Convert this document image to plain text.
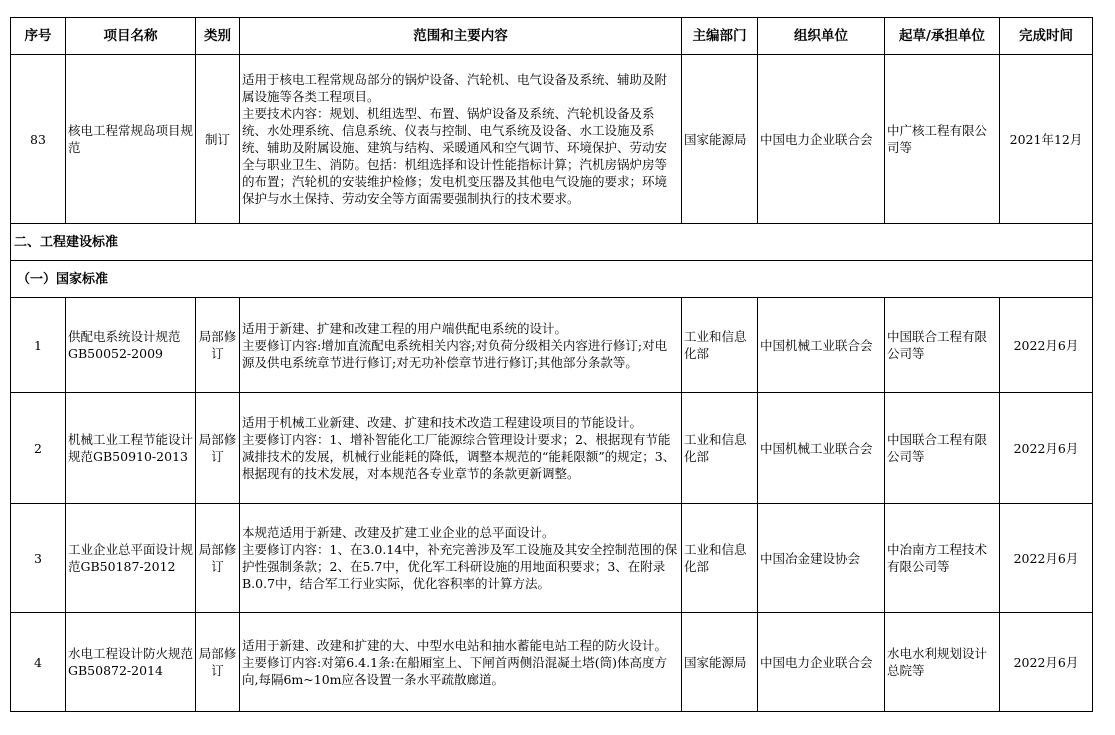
序号	项目名称	类别	范围和主要内容	主编部门	组织单位	起草/承担单位	完成时间
83	核电工程常规岛项目规范	制订	适用于核电工程常规岛部分的锅炉设备、汽轮机、电气设备及系统、辅助及附属设施等各类工程项目。
主要技术内容：规划、机组选型、布置、锅炉设备及系统、汽轮机设备及系统、水处理系统、信息系统、仪表与控制、电气系统及设备、水工设施及系统、辅助及附属设施、建筑与结构、采暖通风和空气调节、环境保护、劳动安全与职业卫生、消防。包括：机组选择和设计性能指标计算；汽机房锅炉房等的布置；汽轮机的安装维护检修；发电机变压器及其他电气设施的要求；环境保护与水土保持、劳动安全等方面需要强制执行的技术要求。	国家能源局	中国电力企业联合会	中广核工程有限公司等	2021年12月
二、工程建设标准							
（一）国家标准							
1	供配电系统设计规范GB50052-2009	局部修订	适用于新建、扩建和改建工程的用户端供配电系统的设计。
主要修订内容:增加直流配电系统相关内容;对负荷分级相关内容进行修订;对电源及供电系统章节进行修订;对无功补偿章节进行修订;其他部分条款等。	工业和信息化部	中国机械工业联合会	中国联合工程有限公司等	2022月6月
2	机械工业工程节能设计规范GB50910-2013	局部修订	适用于机械工业新建、改建、扩建和技术改造工程建设项目的节能设计。
主要修订内容：1、增补智能化工厂能源综合管理设计要求；2、根据现有节能减排技术的发展，机械行业能耗的降低，调整本规范的“能耗限额”的规定；3、根据现有的技术发展，对本规范各专业章节的条款更新调整。	工业和信息化部	中国机械工业联合会	中国联合工程有限公司等	2022月6月
3	工业企业总平面设计规范GB50187-2012	局部修订	本规范适用于新建、改建及扩建工业企业的总平面设计。
主要修订内容：1、在3.0.14中，补充完善涉及军工设施及其安全控制范围的保护性强制条款；2、在5.7中，优化军工科研设施的用地面积要求；3、在附录B.0.7中，结合军工行业实际，优化容积率的计算方法。	工业和信息化部	中国冶金建设协会	中冶南方工程技术有限公司等	2022月6月
4	水电工程设计防火规范GB50872-2014	局部修订	适用于新建、改建和扩建的大、中型水电站和抽水蓄能电站工程的防火设计。
主要修订内容:对第6.4.1条:在船厢室上、下闸首两侧沿混凝土塔(筒)体高度方向,每隔6m~10m应各设置一条水平疏散廊道。	国家能源局	中国电力企业联合会	水电水利规划设计总院等	2022月6月
